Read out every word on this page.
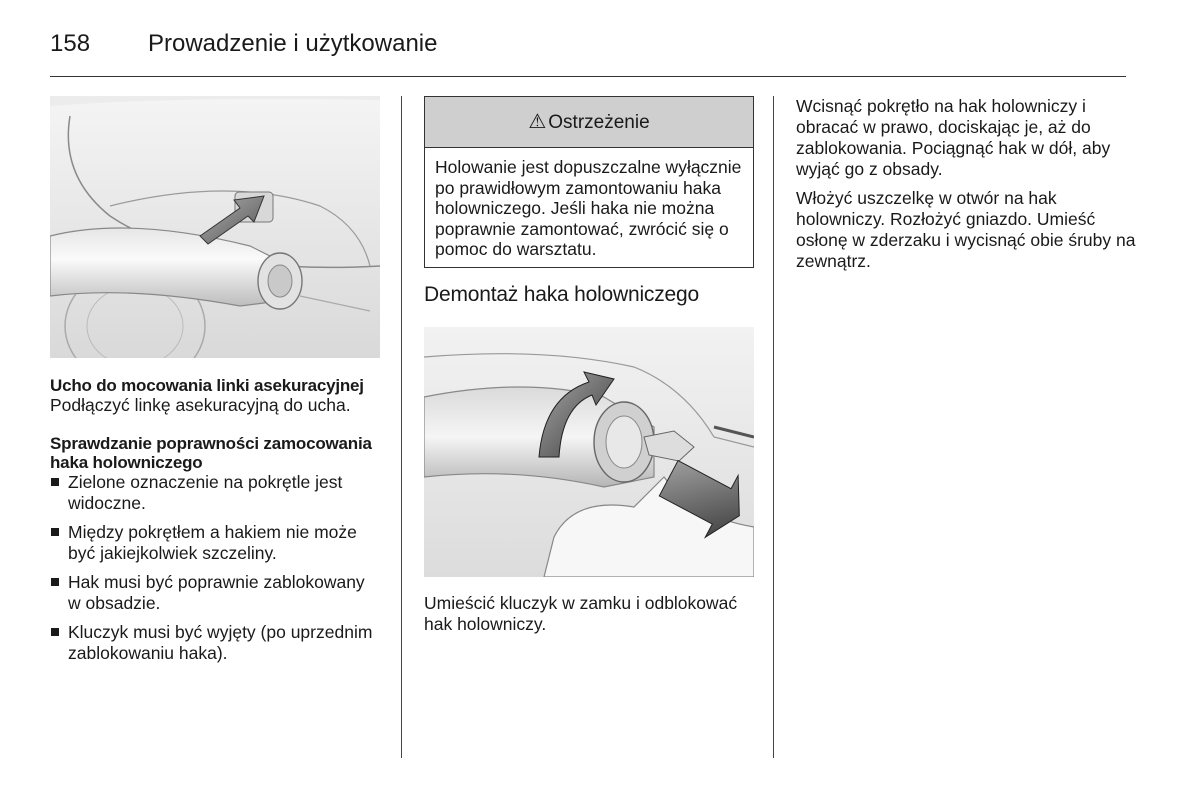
158 Prowadzenie i użytkowanie
Ucho do mocowania linki asekuracyjnej

Podłączyć linkę asekuracyjną do ucha.

Sprawdzanie poprawności zamocowania haka holowniczego
Zielone oznaczenie na pokrętle jest widoczne.
Między pokrętłem a hakiem nie może być jakiejkolwiek szczeliny.
Hak musi być poprawnie zablokowany w obsadzie.
Kluczyk musi być wyjęty (po uprzednim zablokowaniu haka).
⚠ Ostrzeżenie
Holowanie jest dopuszczalne wyłącznie po prawidłowym zamontowaniu haka holowniczego. Jeśli haka nie można poprawnie zamontować, zwrócić się o pomoc do warsztatu.
Demontaż haka holowniczego

Umieścić kluczyk w zamku i odblokować hak holowniczy.

Wcisnąć pokrętło na hak holowniczy i obracać w prawo, dociskając je, aż do zablokowania. Pociągnąć hak w dół, aby wyjąć go z obsady.

Włożyć uszczelkę w otwór na hak holowniczy. Rozłożyć gniazdo. Umieść osłonę w zderzaku i wycisnąć obie śruby na zewnątrz.
